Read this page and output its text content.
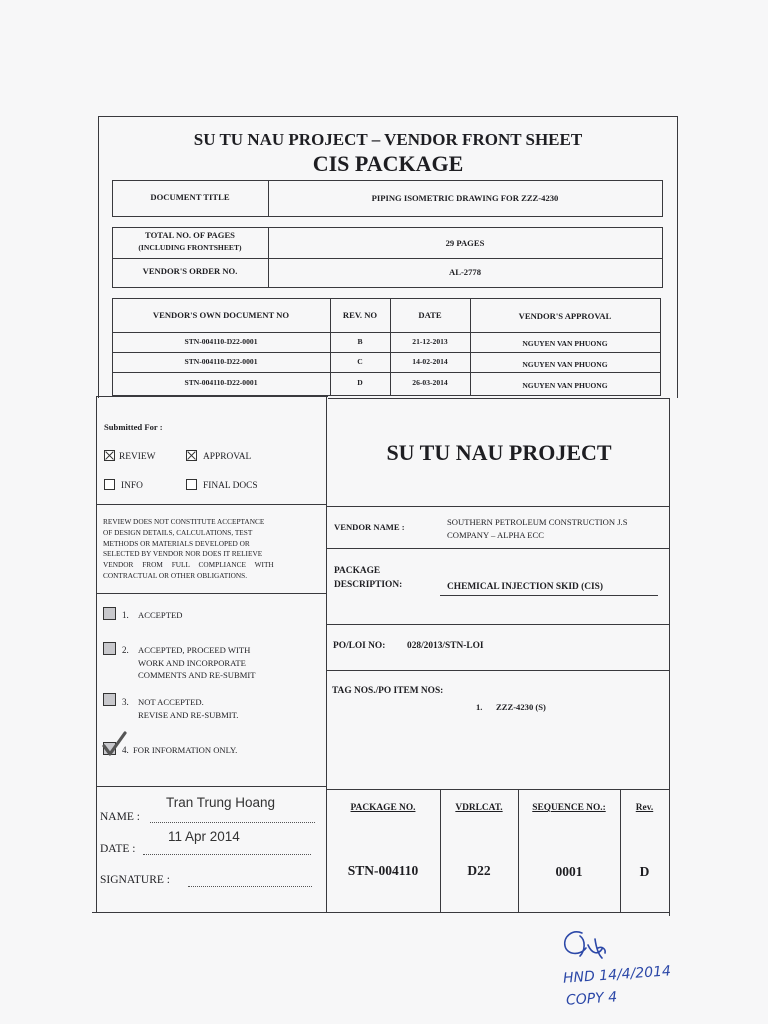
SU TU NAU PROJECT – VENDOR FRONT SHEET
CIS PACKAGE
DOCUMENT TITLE	PIPING ISOMETRIC DRAWING FOR ZZZ-4230
TOTAL NO. OF PAGES
(INCLUDING FRONTSHEET)	29 PAGES
VENDOR'S ORDER NO.	AL-2778
VENDOR'S OWN DOCUMENT NO	REV. NO	DATE	VENDOR'S APPROVAL
STN-004110-D22-0001	B	21-12-2013	NGUYEN VAN PHUONG
STN-004110-D22-0001	C	14-02-2014	NGUYEN VAN PHUONG
STN-004110-D22-0001	D	26-03-2014	NGUYEN VAN PHUONG
Submitted For :
REVIEW	APPROVAL
INFO	FINAL DOCS
SU TU NAU PROJECT
REVIEW DOES NOT CONSTITUTE ACCEPTANCE
OF DESIGN DETAILS, CALCULATIONS, TEST
METHODS OR MATERIALS DEVELOPED OR
SELECTED BY VENDOR NOR DOES IT RELIEVE
VENDOR FROM FULL COMPLIANCE WITH
CONTRACTUAL OR OTHER OBLIGATIONS.
VENDOR NAME :	SOUTHERN PETROLEUM CONSTRUCTION J.S
COMPANY – ALPHA ECC
PACKAGE
DESCRIPTION:	CHEMICAL INJECTION SKID (CIS)
PO/LOI NO: 028/2013/STN-LOI
TAG NOS./PO ITEM NOS:
1. ZZZ-4230 (S)
1. ACCEPTED
2. ACCEPTED, PROCEED WITH
WORK AND INCORPORATE
COMMENTS AND RE-SUBMIT
3. NOT ACCEPTED.
REVISE AND RE-SUBMIT.
4. FOR INFORMATION ONLY.
Tran Trung Hoang
NAME :
11 Apr 2014
DATE :
SIGNATURE :
PACKAGE NO.	VDRLCAT.	SEQUENCE NO.:	Rev.
STN-004110	D22	0001	D
HND 14/4/2014
COPY 4
